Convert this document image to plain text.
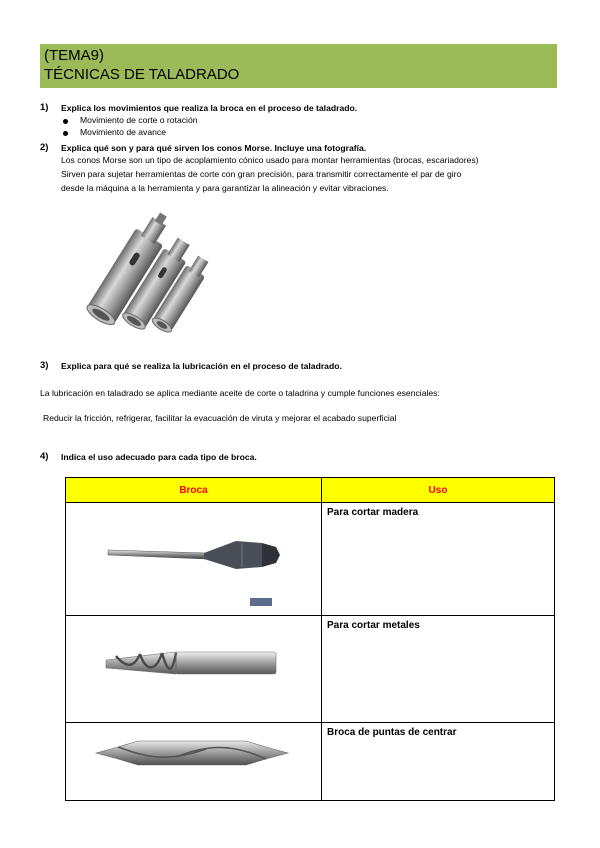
(TEMA9)
TÉCNICAS DE TALADRADO
1) Explica los movimientos que realiza la broca en el proceso de taladrado.
Movimiento de corte o rotación
Movimiento de avance
2) Explica qué son y para qué sirven los conos Morse. Incluye una fotografía.
Los conos Morse son un tipo de acoplamiento cónico usado para montar herramientas (brocas, escariadores)
Sirven para sujetar herramientas de corte con gran precisión, para transmitir correctamente el par de giro
desde la máquina a la herramienta y para garantizar la alineación y evitar vibraciones.
3) Explica para qué se realiza la lubricación en el proceso de taladrado.
La lubricación en taladrado se aplica mediante aceite de corte o taladrina y cumple funciones esenciales:
Reducir la fricción, refrigerar, facilitar la evacuación de viruta y mejorar el acabado superficial
4) Indica el uso adecuado para cada tipo de broca.
Broca	Uso

	Para cortar madera

	Para cortar metales

	Broca de puntas de centrar
